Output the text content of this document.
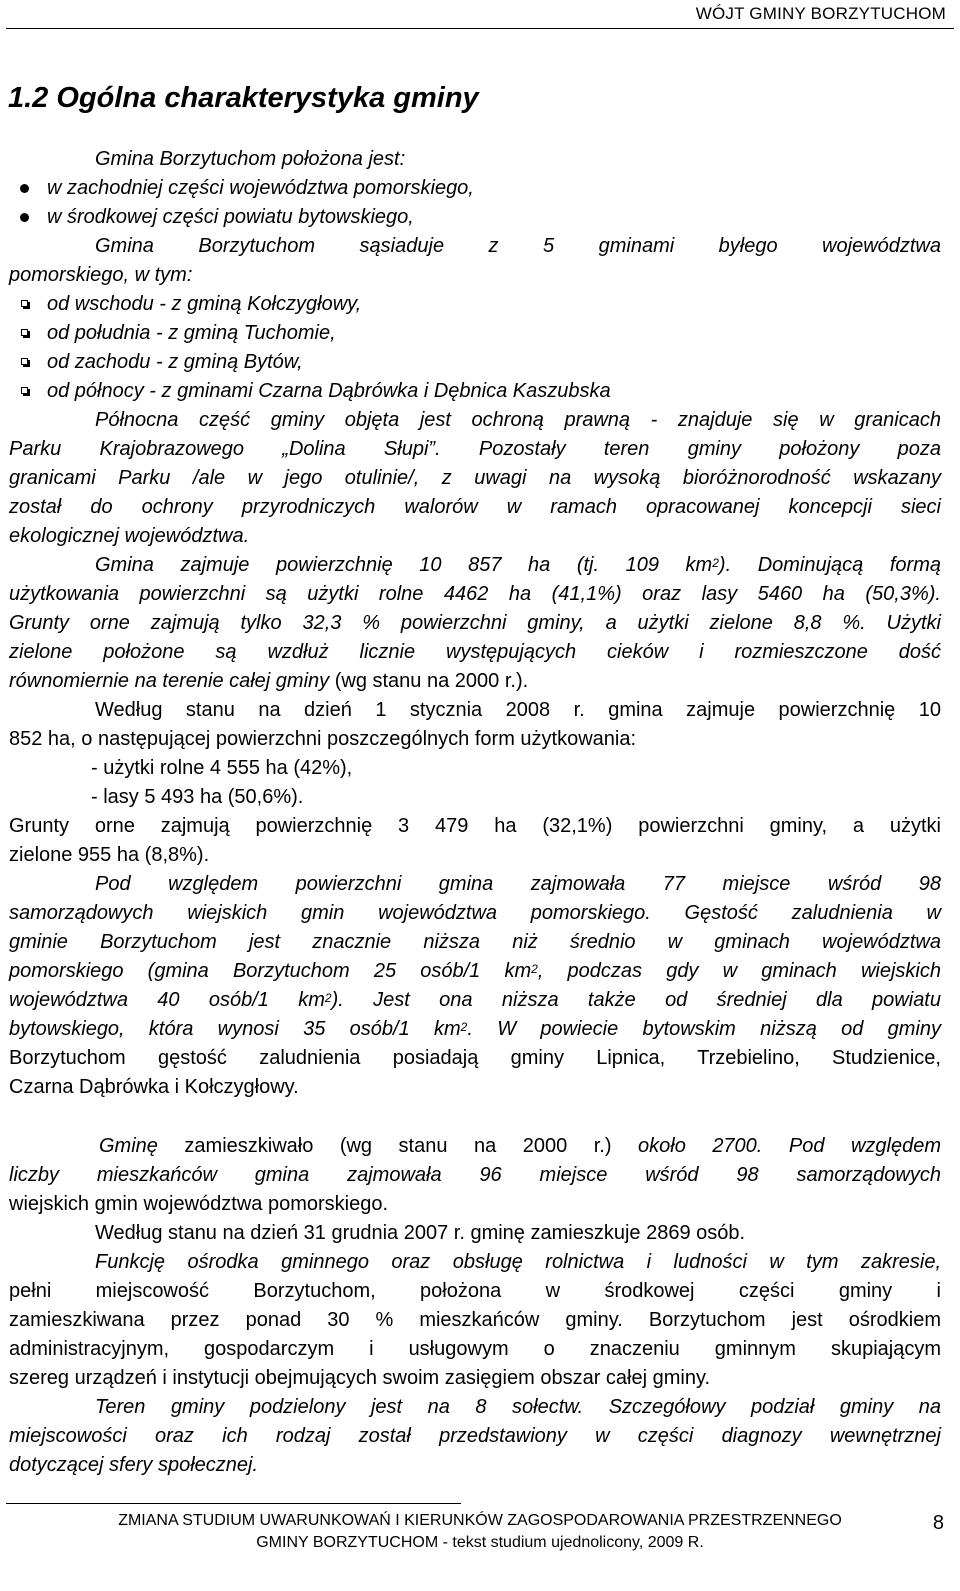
WÓJT GMINY BORZYTUCHOM
1.2 Ogólna charakterystyka gminy
Gmina Borzytuchom położona jest:
w zachodniej części województwa pomorskiego,
w środkowej części powiatu bytowskiego,
Gmina Borzytuchom sąsiaduje z 5 gminami byłego województwa
pomorskiego, w tym:
od wschodu - z gminą Kołczygłowy,
od południa - z gminą Tuchomie,
od zachodu - z gminą Bytów,
od północy - z gminami Czarna Dąbrówka i Dębnica Kaszubska
Północna część gminy objęta jest ochroną prawną - znajduje się w granicach
Parku Krajobrazowego „Dolina Słupi”. Pozostały teren gminy położony poza
granicami Parku /ale w jego otulinie/, z uwagi na wysoką bioróżnorodność wskazany
został do ochrony przyrodniczych walorów w ramach opracowanej koncepcji sieci
ekologicznej województwa.
Gmina zajmuje powierzchnię 10 857 ha (tj. 109 $km^2$). Dominującą formą
użytkowania powierzchni są użytki rolne 4462 ha (41,1%) oraz lasy 5460 ha (50,3%).
Grunty orne zajmują tylko 32,3 % powierzchni gminy, a użytki zielone 8,8 %. Użytki
zielone położone są wzdłuż licznie występujących cieków i rozmieszczone dość
równomiernie na terenie całej gminy (wg stanu na 2000 r.).
Według stanu na dzień 1 stycznia 2008 r. gmina zajmuje powierzchnię 10
852 ha, o następującej powierzchni poszczególnych form użytkowania:
- użytki rolne 4 555 ha (42%),
- lasy 5 493 ha (50,6%).
Grunty orne zajmują powierzchnię 3 479 ha (32,1%) powierzchni gminy, a użytki
zielone 955 ha (8,8%).
Pod względem powierzchni gmina zajmowała 77 miejsce wśród 98
samorządowych wiejskich gmin województwa pomorskiego. Gęstość zaludnienia w
gminie Borzytuchom jest znacznie niższa niż średnio w gminach województwa
pomorskiego (gmina Borzytuchom 25 osób/1 $km^2$, podczas gdy w gminach wiejskich
województwa 40 osób/1 $km^2$). Jest ona niższa także od średniej dla powiatu
bytowskiego, która wynosi 35 osób/1 $km^2$. W powiecie bytowskim niższą od gminy
Borzytuchom gęstość zaludnienia posiadają gminy Lipnica, Trzebielino, Studzienice,
Czarna Dąbrówka i Kołczygłowy.
Gminę zamieszkiwało (wg stanu na 2000 r.) około 2700. Pod względem
liczby mieszkańców gmina zajmowała 96 miejsce wśród 98 samorządowych
wiejskich gmin województwa pomorskiego.
Według stanu na dzień 31 grudnia 2007 r. gminę zamieszkuje 2869 osób.
Funkcję ośrodka gminnego oraz obsługę rolnictwa i ludności w tym zakresie,
pełni miejscowość Borzytuchom, położona w środkowej części gminy i
zamieszkiwana przez ponad 30 % mieszkańców gminy. Borzytuchom jest ośrodkiem
administracyjnym, gospodarczym i usługowym o znaczeniu gminnym skupiającym
szereg urządzeń i instytucji obejmujących swoim zasięgiem obszar całej gminy.
Teren gminy podzielony jest na 8 sołectw. Szczegółowy podział gminy na
miejscowości oraz ich rodzaj został przedstawiony w części diagnozy wewnętrznej
dotyczącej sfery społecznej.
ZMIANA STUDIUM UWARUNKOWAŃ I KIERUNKÓW ZAGOSPODAROWANIA PRZESTRZENNEGO
GMINY BORZYTUCHOM - tekst studium ujednolicony, 2009 R.
8
